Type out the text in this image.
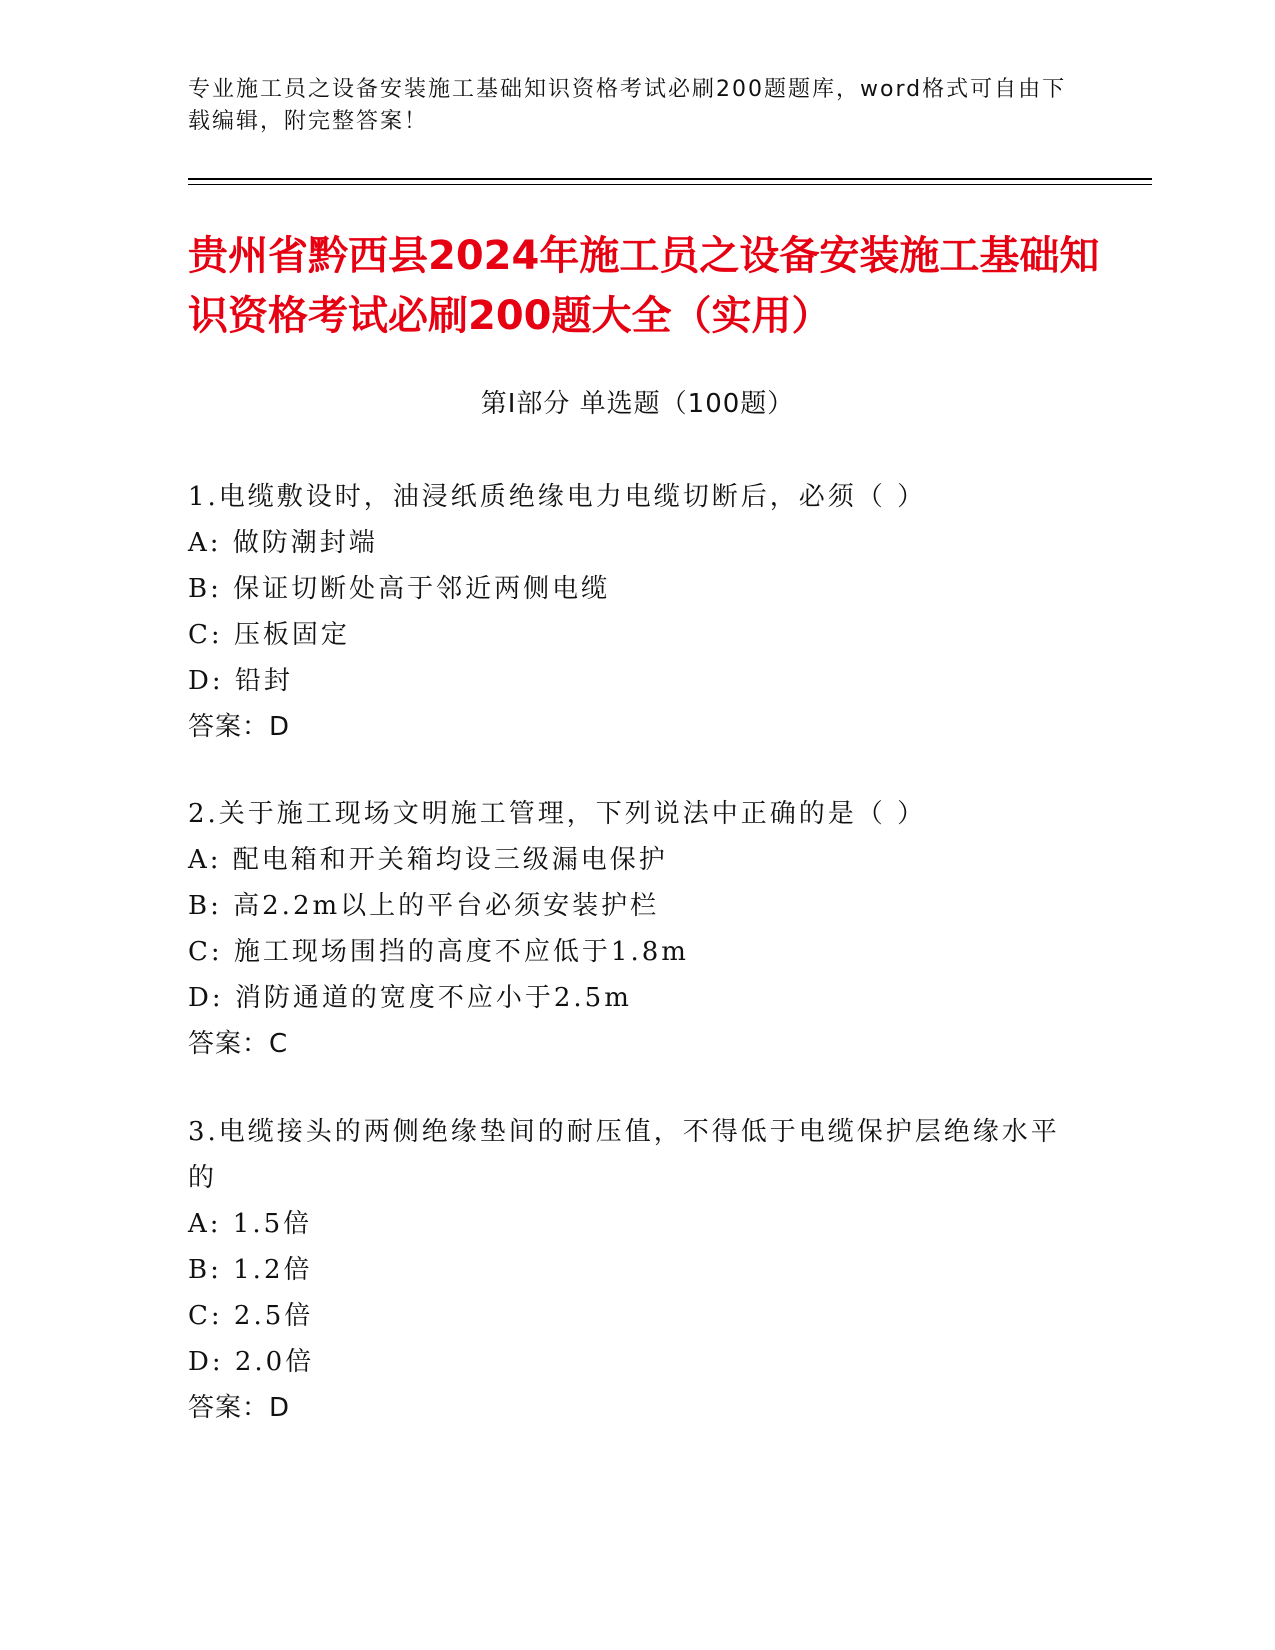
专业施工员之设备安装施工基础知识资格考试必刷200题题库，word格式可自由下载编辑，附完整答案！
贵州省黔西县2024年施工员之设备安装施工基础知识资格考试必刷200题大全（实用）
第I部分 单选题（100题）

1.电缆敷设时，油浸纸质绝缘电力电缆切断后，必须（ ）

A: 做防潮封端

B: 保证切断处高于邻近两侧电缆

C: 压板固定

D: 铅封

答案：D

2.关于施工现场文明施工管理，下列说法中正确的是（ ）

A: 配电箱和开关箱均设三级漏电保护

B: 高2.2m以上的平台必须安装护栏

C: 施工现场围挡的高度不应低于1.8m

D: 消防通道的宽度不应小于2.5m

答案：C

3.电缆接头的两侧绝缘垫间的耐压值，不得低于电缆保护层绝缘水平的

A: 1.5倍

B: 1.2倍

C: 2.5倍

D: 2.0倍

答案：D
